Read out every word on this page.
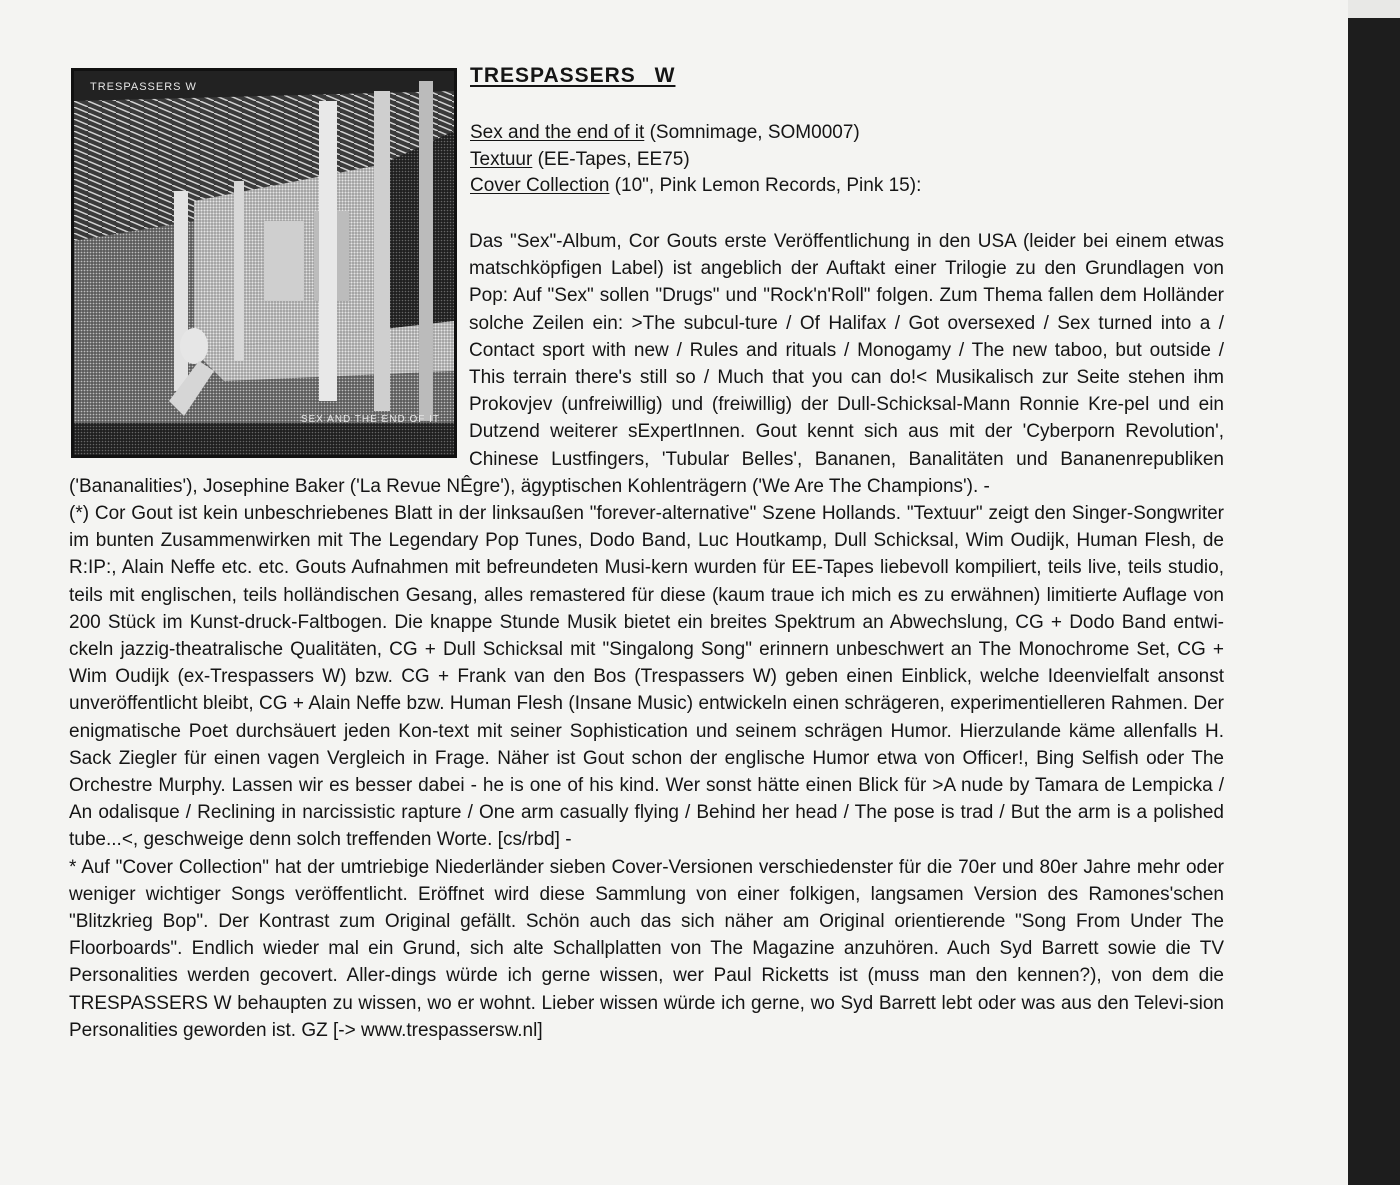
TRESPASSERS W
SEX AND THE END OF IT
TRESPASSERS W
Sex and the end of it (Somnimage, SOM0007)
Textuur (EE-Tapes, EE75)
Cover Collection (10", Pink Lemon Records, Pink 15):
Das "Sex"-Album, Cor Gouts erste Veröffentlichung in den USA (leider bei einem etwas matschköpfigen Label) ist angeblich der Auftakt einer Trilogie zu den Grundlagen von Pop: Auf "Sex" sollen "Drugs" und "Rock'n'Roll" folgen. Zum Thema fallen dem Holländer solche Zeilen ein: >The subcul-ture / Of Halifax / Got oversexed / Sex turned into a / Contact sport with new / Rules and rituals / Monogamy / The new taboo, but outside / This terrain there's still so / Much that you can do!< Musikalisch zur Seite stehen ihm Prokovjev (unfreiwillig) und (freiwillig) der Dull-Schicksal-Mann Ronnie Kre-pel und ein Dutzend weiterer sExpertInnen. Gout kennt sich aus mit der 'Cyberporn Revolution', Chinese Lustfingers, 'Tubular Belles', Bananen, Banalitäten und Bananenrepubliken ('Bananalities'), Josephine Baker ('La Revue NÊgre'), ägyptischen Kohlenträgern ('We Are The Champions'). -
(*) Cor Gout ist kein unbeschriebenes Blatt in der linksaußen "forever-alternative" Szene Hollands. "Textuur" zeigt den Singer-Songwriter im bunten Zusammenwirken mit The Legendary Pop Tunes, Dodo Band, Luc Houtkamp, Dull Schicksal, Wim Oudijk, Human Flesh, de R:IP:, Alain Neffe etc. etc. Gouts Aufnahmen mit befreundeten Musi-kern wurden für EE-Tapes liebevoll kompiliert, teils live, teils studio, teils mit englischen, teils holländischen Gesang, alles remastered für diese (kaum traue ich mich es zu erwähnen) limitierte Auflage von 200 Stück im Kunst-druck-Faltbogen. Die knappe Stunde Musik bietet ein breites Spektrum an Abwechslung, CG + Dodo Band entwi-ckeln jazzig-theatralische Qualitäten, CG + Dull Schicksal mit "Singalong Song" erinnern unbeschwert an The Monochrome Set, CG + Wim Oudijk (ex-Trespassers W) bzw. CG + Frank van den Bos (Trespassers W) geben einen Einblick, welche Ideenvielfalt ansonst unveröffentlicht bleibt, CG + Alain Neffe bzw. Human Flesh (Insane Music) entwickeln einen schrägeren, experimentielleren Rahmen. Der enigmatische Poet durchsäuert jeden Kon-text mit seiner Sophistication und seinem schrägen Humor. Hierzulande käme allenfalls H. Sack Ziegler für einen vagen Vergleich in Frage. Näher ist Gout schon der englische Humor etwa von Officer!, Bing Selfish oder The Orchestre Murphy. Lassen wir es besser dabei - he is one of his kind. Wer sonst hätte einen Blick für >A nude by Tamara de Lempicka / An odalisque / Reclining in narcissistic rapture / One arm casually flying / Behind her head / The pose is trad / But the arm is a polished tube...<, geschweige denn solch treffenden Worte. [cs/rbd] -
* Auf "Cover Collection" hat der umtriebige Niederländer sieben Cover-Versionen verschiedenster für die 70er und 80er Jahre mehr oder weniger wichtiger Songs veröffentlicht. Eröffnet wird diese Sammlung von einer folkigen, langsamen Version des Ramones'schen "Blitzkrieg Bop". Der Kontrast zum Original gefällt. Schön auch das sich näher am Original orientierende "Song From Under The Floorboards". Endlich wieder mal ein Grund, sich alte Schallplatten von The Magazine anzuhören. Auch Syd Barrett sowie die TV Personalities werden gecovert. Aller-dings würde ich gerne wissen, wer Paul Ricketts ist (muss man den kennen?), von dem die TRESPASSERS W behaupten zu wissen, wo er wohnt. Lieber wissen würde ich gerne, wo Syd Barrett lebt oder was aus den Televi-sion Personalities geworden ist. GZ [-> www.trespassersw.nl]
